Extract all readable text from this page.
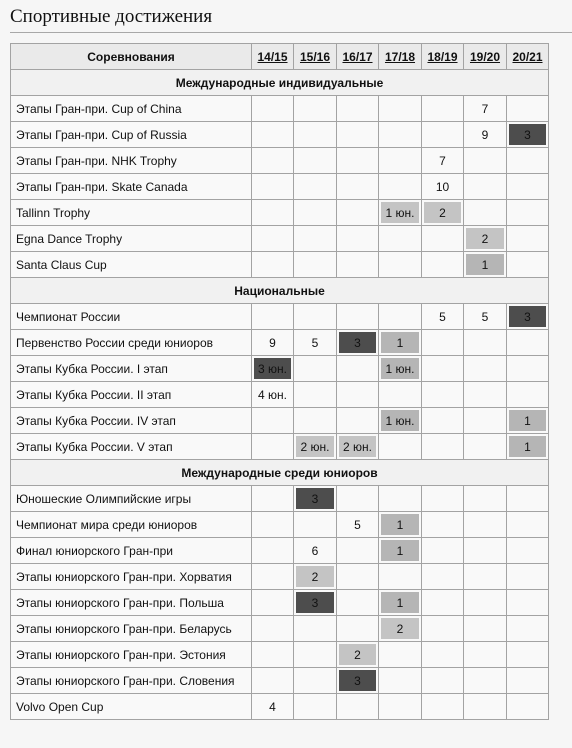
Спортивные достижения
Соревнования	14/15	15/16	16/17	17/18	18/19	19/20	20/21
Международные индивидуальные							
Этапы Гран-при. Cup of China						7	
Этапы Гран-при. Cup of Russia						9	3

Этапы Гран-при. NHK Trophy					7		
Этапы Гран-при. Skate Canada					10		
Tallinn Trophy				1 юн.	2		

Egna Dance Trophy						2	

Santa Claus Cup						1	

Национальные							
Чемпионат России					5	5	3

Первенство России среди юниоров	9	5	3	1			

Этапы Кубка России. I этап	3 юн.			1 юн.			

Этапы Кубка России. II этап	4 юн.						
Этапы Кубка России. IV этап				1 юн.			1

Этапы Кубка России. V этап		2 юн.	2 юн.				1

Международные среди юниоров							
Юношеские Олимпийские игры		3					

Чемпионат мира среди юниоров			5	1			

Финал юниорского Гран-при		6		1			

Этапы юниорского Гран-при. Хорватия		2					

Этапы юниорского Гран-при. Польша		3		1			

Этапы юниорского Гран-при. Беларусь				2			

Этапы юниорского Гран-при. Эстония			2				

Этапы юниорского Гран-при. Словения			3				

Volvo Open Cup	4						
